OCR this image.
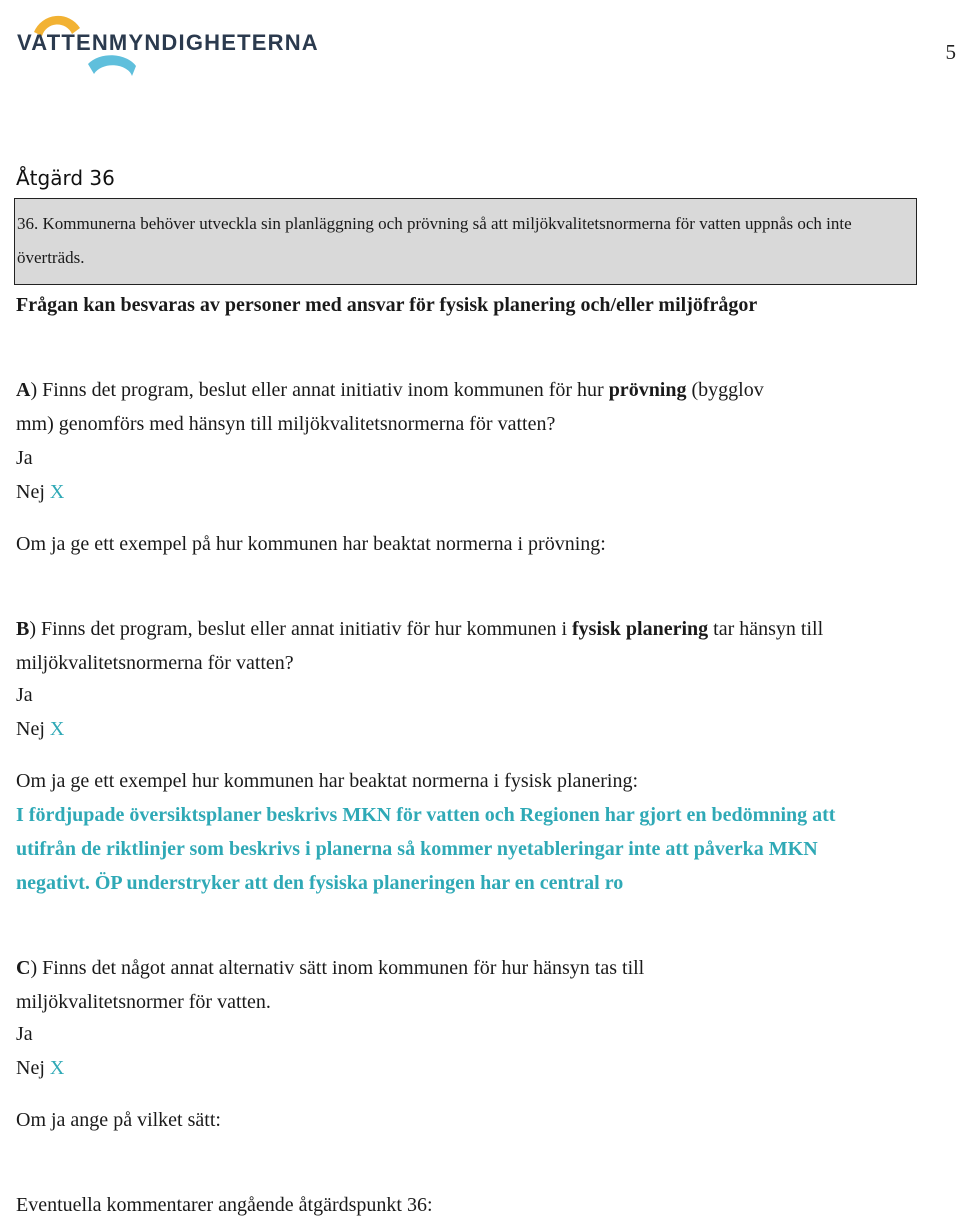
VATTENMYNDIGHETERNA	5
Åtgärd 36
36. Kommunerna behöver utveckla sin planläggning och prövning så att miljökvalitetsnormerna för vatten uppnås och inte överträds.
Frågan kan besvaras av personer med ansvar för fysisk planering och/eller miljöfrågor
A) Finns det program, beslut eller annat initiativ inom kommunen för hur prövning (bygglov mm) genomförs med hänsyn till miljökvalitetsnormerna för vatten?
Ja
Nej X
Om ja ge ett exempel på hur kommunen har beaktat normerna i prövning:
B) Finns det program, beslut eller annat initiativ för hur kommunen i fysisk planering tar hänsyn till miljökvalitetsnormerna för vatten?
Ja
Nej X
Om ja ge ett exempel hur kommunen har beaktat normerna i fysisk planering:
I fördjupade översiktsplaner beskrivs MKN för vatten och Regionen har gjort en bedömning att utifrån de riktlinjer som beskrivs i planerna så kommer nyetableringar inte att påverka MKN negativt. ÖP understryker att den fysiska planeringen har en central ro
C) Finns det något annat alternativ sätt inom kommunen för hur hänsyn tas till miljökvalitetsnormer för vatten.
Ja
Nej X
Om ja ange på vilket sätt:
Eventuella kommentarer angående åtgärdspunkt 36:
